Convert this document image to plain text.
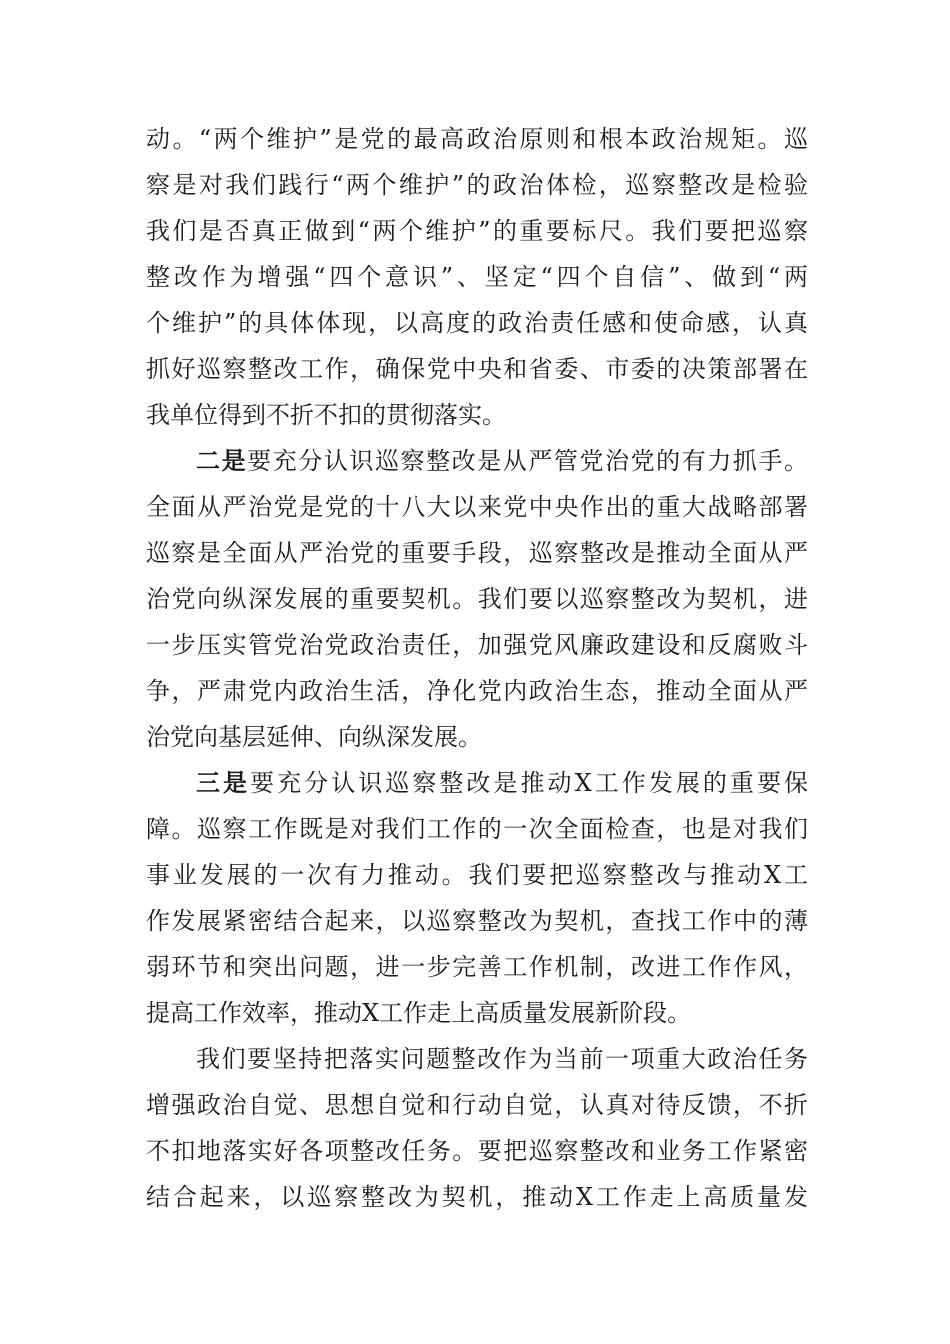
动。“两个维护”是党的最高政治原则和根本政治规矩。巡
察是对我们践行“两个维护”的政治体检，巡察整改是检验
我们是否真正做到“两个维护”的重要标尺。我们要把巡察
整改作为增强“四个意识”、坚定“四个自信”、做到“两
个维护”的具体体现，以高度的政治责任感和使命感，认真
抓好巡察整改工作，确保党中央和省委、市委的决策部署在
我单位得到不折不扣的贯彻落实。
二是要充分认识巡察整改是从严管党治党的有力抓手。
全面从严治党是党的十八大以来党中央作出的重大战略部署
巡察是全面从严治党的重要手段，巡察整改是推动全面从严
治党向纵深发展的重要契机。我们要以巡察整改为契机，进
一步压实管党治党政治责任，加强党风廉政建设和反腐败斗
争，严肃党内政治生活，净化党内政治生态，推动全面从严
治党向基层延伸、向纵深发展。
三是要充分认识巡察整改是推动X工作发展的重要保
障。巡察工作既是对我们工作的一次全面检查，也是对我们
事业发展的一次有力推动。我们要把巡察整改与推动X工
作发展紧密结合起来，以巡察整改为契机，查找工作中的薄
弱环节和突出问题，进一步完善工作机制，改进工作作风，
提高工作效率，推动X工作走上高质量发展新阶段。
我们要坚持把落实问题整改作为当前一项重大政治任务
增强政治自觉、思想自觉和行动自觉，认真对待反馈，不折
不扣地落实好各项整改任务。要把巡察整改和业务工作紧密
结合起来，以巡察整改为契机，推动X工作走上高质量发
